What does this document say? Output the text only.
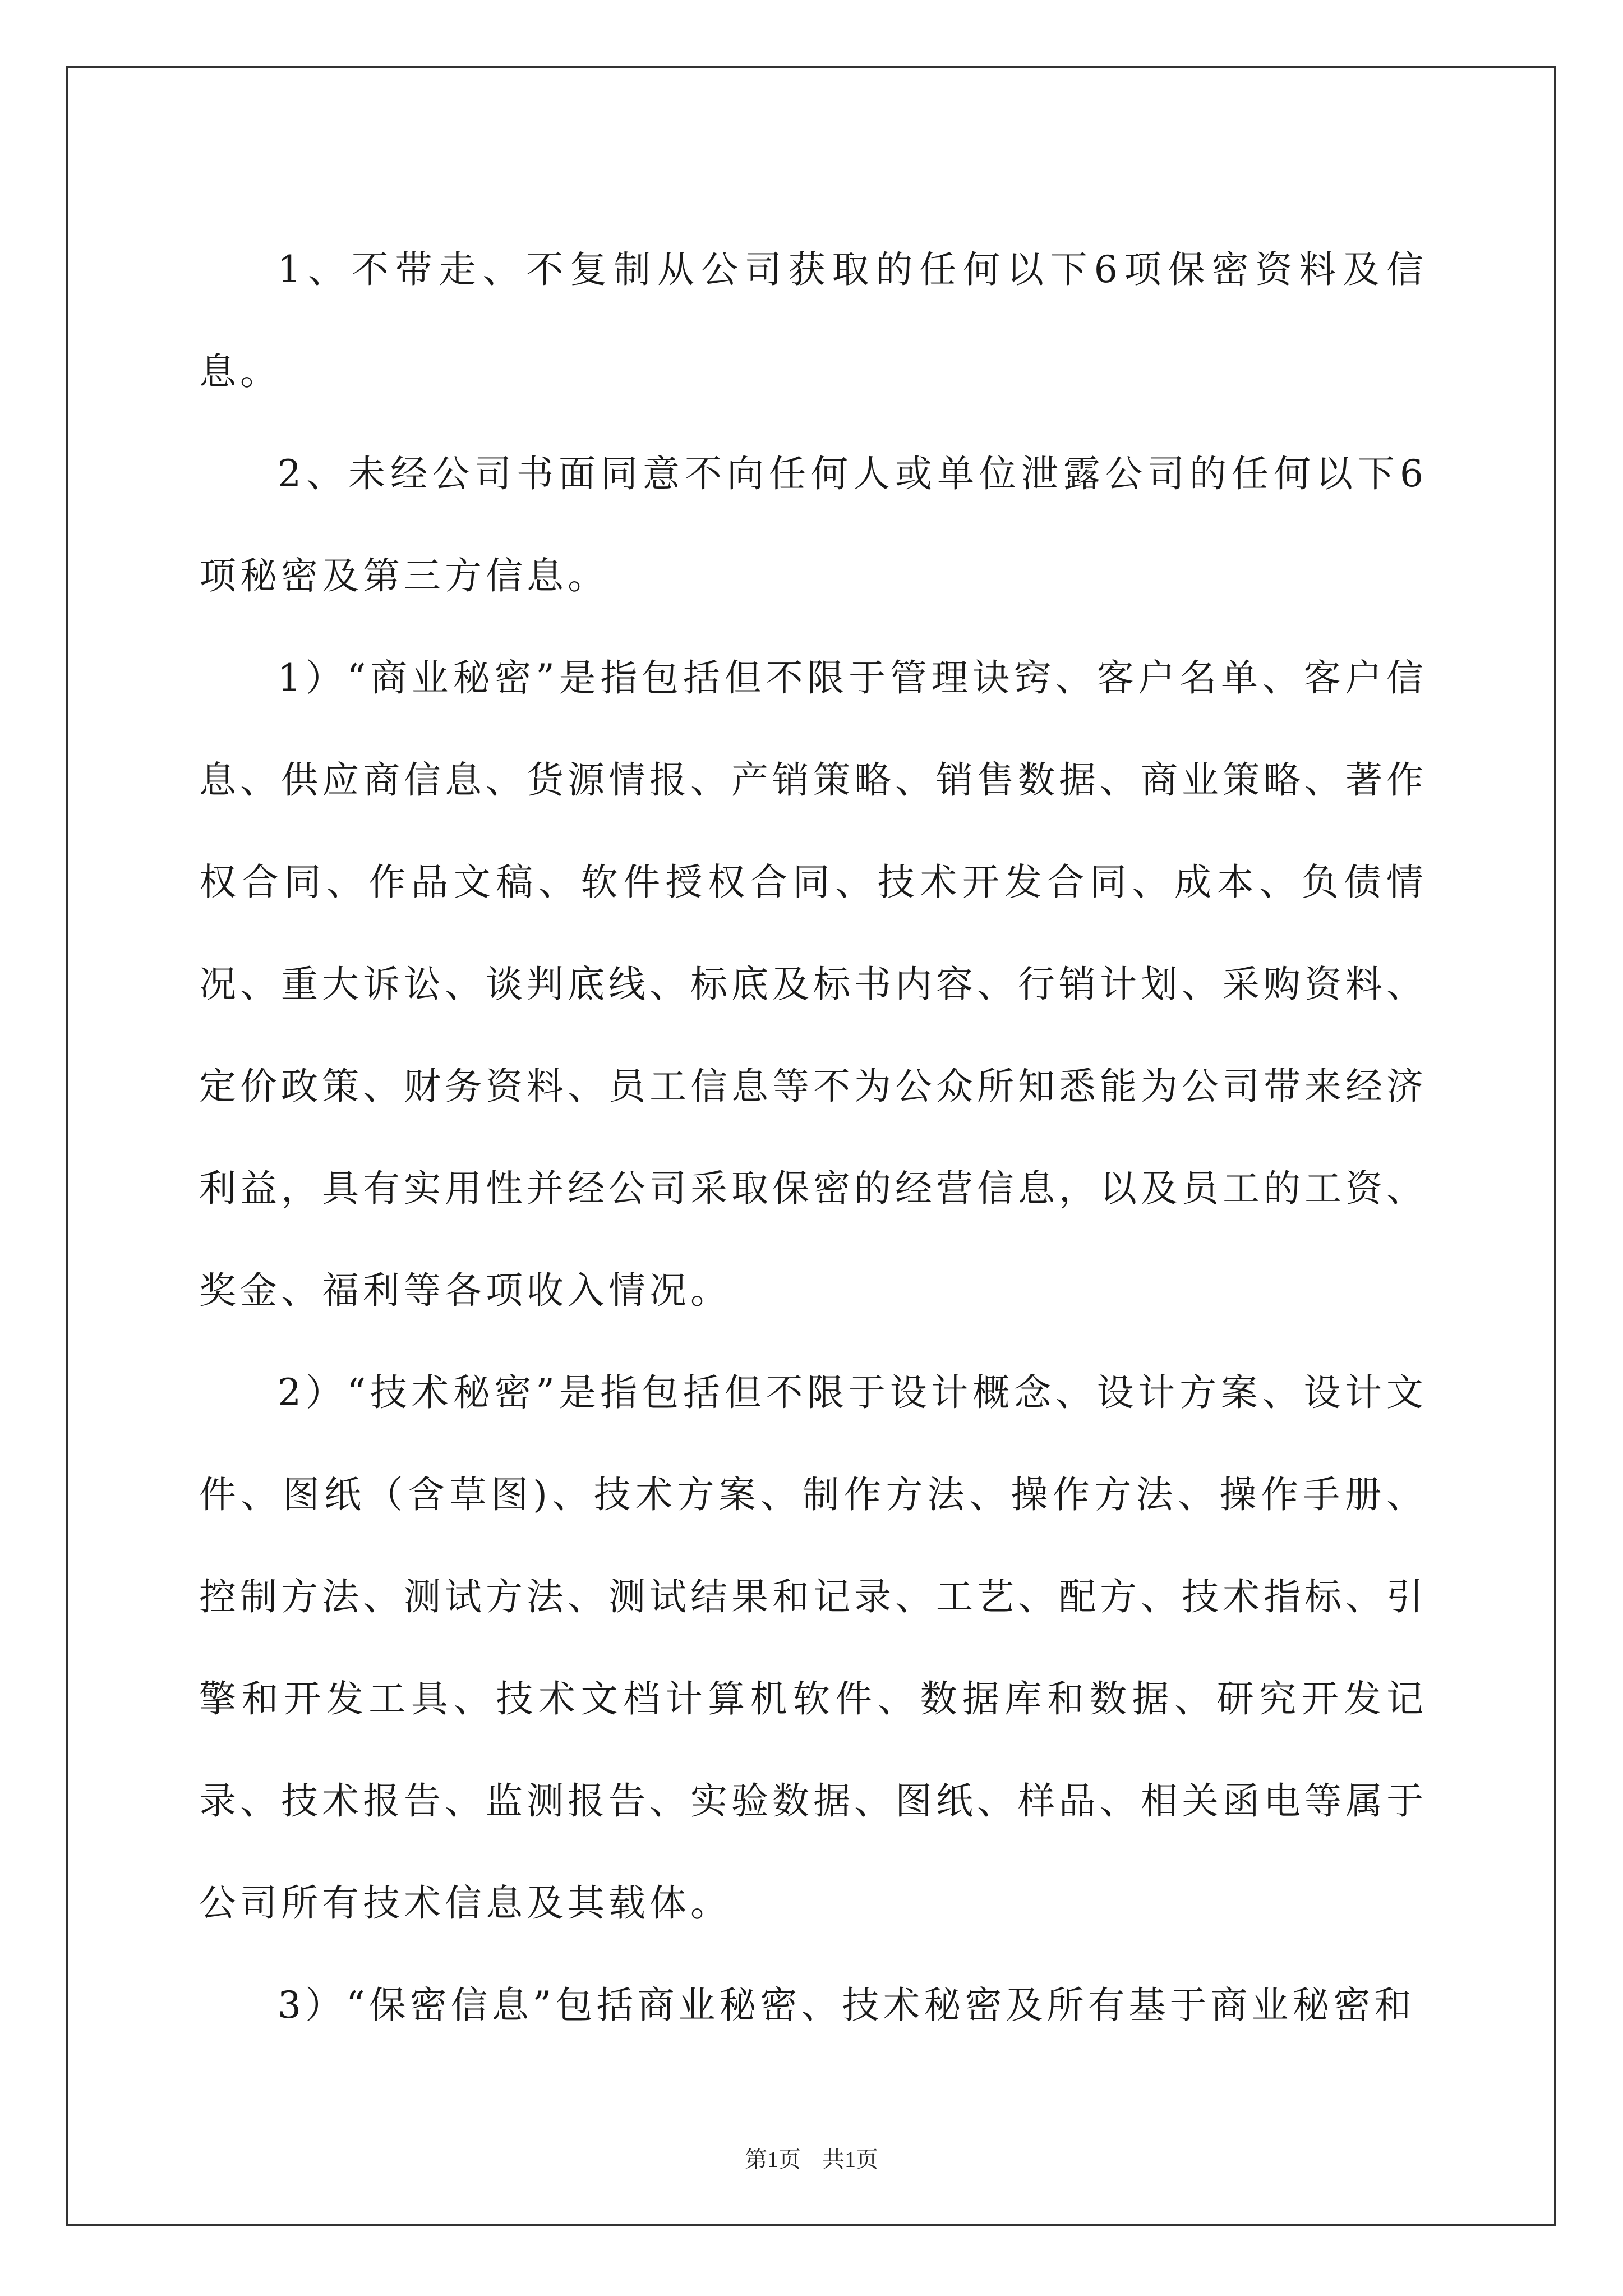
1、不带走、不复制从公司获取的任何以下6项保密资料及信息。

2、未经公司书面同意不向任何人或单位泄露公司的任何以下6项秘密及第三方信息。

1）“商业秘密”是指包括但不限于管理诀窍、客户名单、客户信息、供应商信息、货源情报、产销策略、销售数据、商业策略、著作权合同、作品文稿、软件授权合同、技术开发合同、成本、负债情况、重大诉讼、谈判底线、标底及标书内容、行销计划、采购资料、定价政策、财务资料、员工信息等不为公众所知悉能为公司带来经济利益，具有实用性并经公司采取保密的经营信息，以及员工的工资、奖金、福利等各项收入情况。

2）“技术秘密”是指包括但不限于设计概念、设计方案、设计文件、图纸（含草图)、技术方案、制作方法、操作方法、操作手册、控制方法、测试方法、测试结果和记录、工艺、配方、技术指标、引擎和开发工具、技术文档计算机软件、数据库和数据、研究开发记录、技术报告、监测报告、实验数据、图纸、样品、相关函电等属于公司所有技术信息及其载体。

3）“保密信息”包括商业秘密、技术秘密及所有基于商业秘密和

第1页 共1页
